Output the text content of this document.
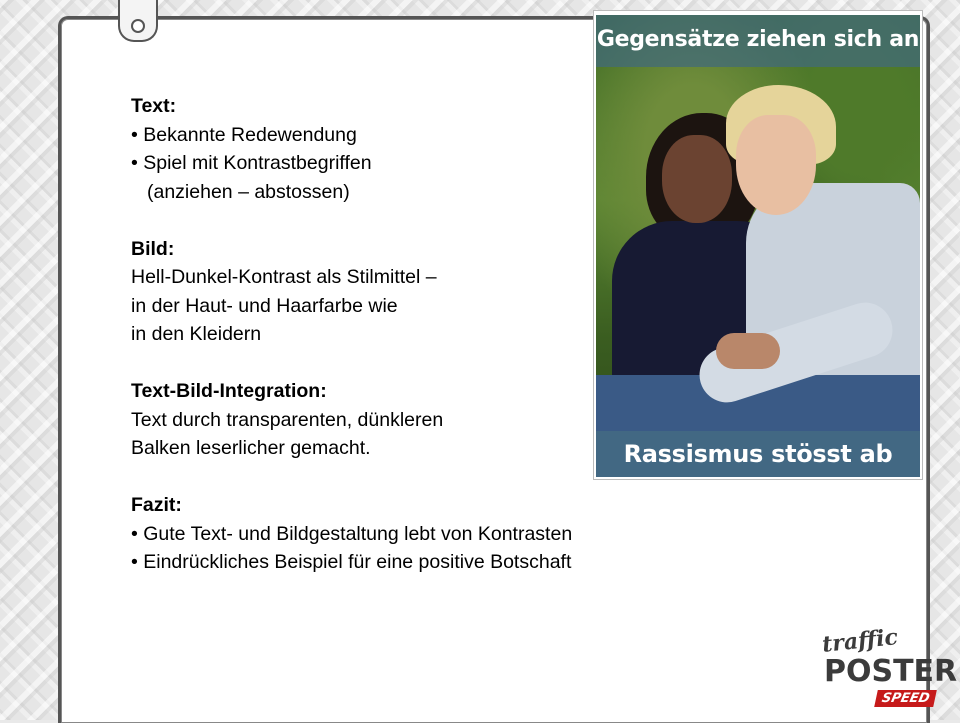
Text:
• Bekannte Redewendung
• Spiel mit Kontrastbegriffen
(anziehen – abstossen)
Bild:
Hell-Dunkel-Kontrast als Stilmittel –
in der Haut- und Haarfarbe wie
in den Kleidern
Text-Bild-Integration:
Text durch transparenten, dünkleren
Balken leserlicher gemacht.
Fazit:
• Gute Text- und Bildgestaltung lebt von Kontrasten
• Eindrückliches Beispiel für eine positive Botschaft
Gegensätze ziehen sich an
Rassismus stösst ab
traffic
POSTER
SPEED
